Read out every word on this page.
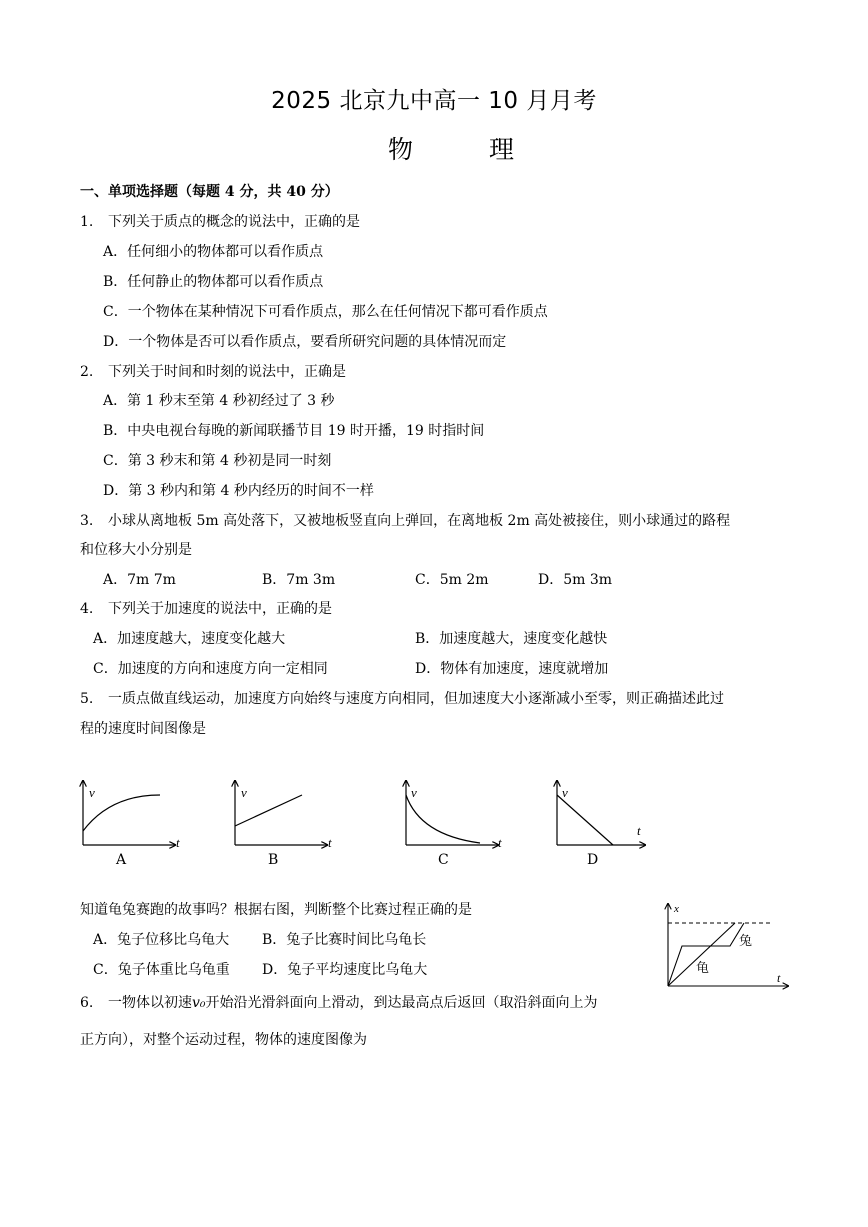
2025 北京九中高一 10 月月考
物 理
一、单项选择题（每题 4 分，共 40 分）
1. 下列关于质点的概念的说法中，正确的是
A．任何细小的物体都可以看作质点
B．任何静止的物体都可以看作质点
C．一个物体在某种情况下可看作质点，那么在任何情况下都可看作质点
D．一个物体是否可以看作质点，要看所研究问题的具体情况而定
2. 下列关于时间和时刻的说法中，正确是
A．第 1 秒末至第 4 秒初经过了 3 秒
B．中央电视台每晚的新闻联播节目 19 时开播，19 时指时间
C．第 3 秒末和第 4 秒初是同一时刻
D．第 3 秒内和第 4 秒内经历的时间不一样
3. 小球从离地板 5m 高处落下，又被地板竖直向上弹回，在离地板 2m 高处被接住，则小球通过的路程
和位移大小分别是
A．7m 7m	B．7m 3m	C．5m 2m	D．5m 3m
4. 下列关于加速度的说法中，正确的是
A．加速度越大，速度变化越大	B．加速度越大，速度变化越快
C．加速度的方向和速度方向一定相同	D．物体有加速度，速度就增加
5. 一质点做直线运动，加速度方向始终与速度方向相同，但加速度大小逐渐减小至零，则正确描述此过
程的速度时间图像是
v
t
v
t
v
t
v
t
A	B	C	D
知道龟兔赛跑的故事吗？根据右图，判断整个比赛过程正确的是
A．兔子位移比乌龟大 B．兔子比赛时间比乌龟长
C．兔子体重比乌龟重 D．兔子平均速度比乌龟大
x
t
兔
龟
6. 一物体以初速v₀开始沿光滑斜面向上滑动，到达最高点后返回（取沿斜面向上为
正方向），对整个运动过程，物体的速度图像为
